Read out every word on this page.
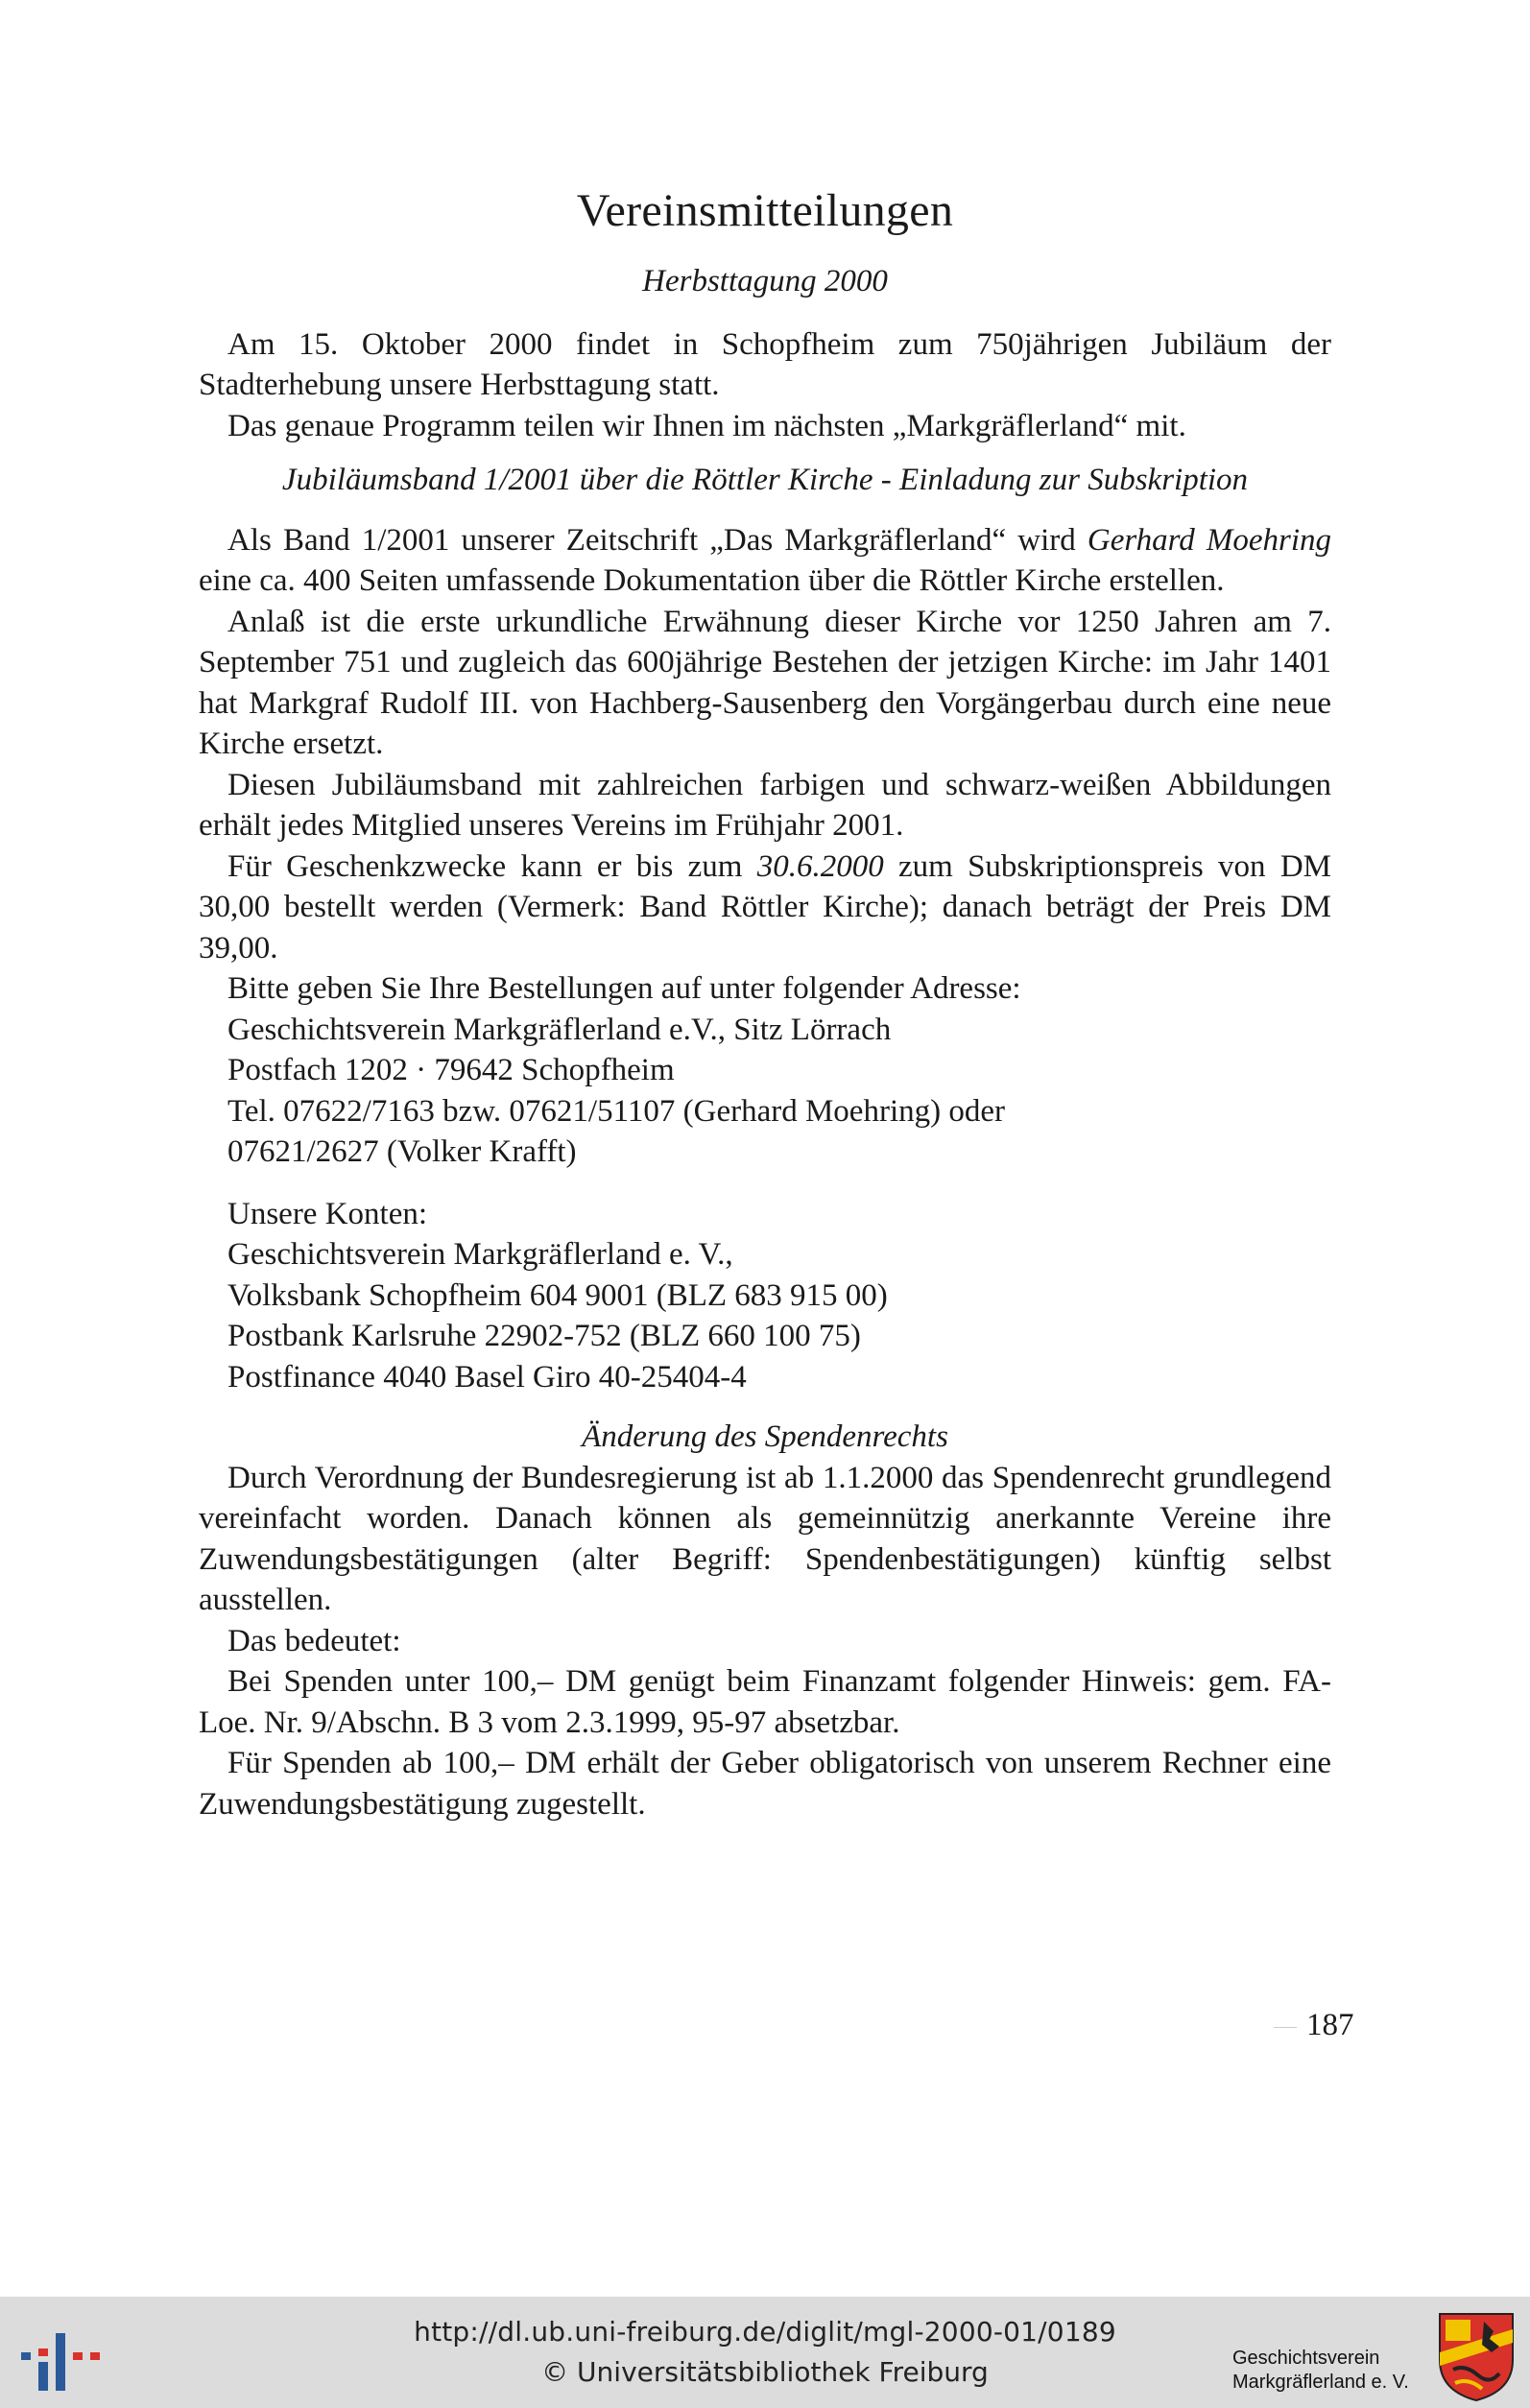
Vereinsmitteilungen
Herbsttagung 2000

Am 15. Oktober 2000 findet in Schopfheim zum 750jährigen Jubiläum der Stadterhebung unsere Herbsttagung statt.

Das genaue Programm teilen wir Ihnen im nächsten „Markgräflerland“ mit.

Jubiläumsband 1/2001 über die Röttler Kirche - Einladung zur Subskription

Als Band 1/2001 unserer Zeitschrift „Das Markgräflerland“ wird Gerhard Moehring eine ca. 400 Seiten umfassende Dokumentation über die Röttler Kirche erstellen.

Anlaß ist die erste urkundliche Erwähnung dieser Kirche vor 1250 Jahren am 7. September 751 und zugleich das 600jährige Bestehen der jetzigen Kirche: im Jahr 1401 hat Markgraf Rudolf III. von Hachberg-Sausenberg den Vorgängerbau durch eine neue Kirche ersetzt.

Diesen Jubiläumsband mit zahlreichen farbigen und schwarz-weißen Abbildungen erhält jedes Mitglied unseres Vereins im Frühjahr 2001.

Für Geschenkzwecke kann er bis zum 30.6.2000 zum Subskriptionspreis von DM 30,00 bestellt werden (Vermerk: Band Röttler Kirche); danach beträgt der Preis DM 39,00.

Bitte geben Sie Ihre Bestellungen auf unter folgender Adresse:
Geschichtsverein Markgräflerland e.V., Sitz Lörrach
Postfach 1202 · 79642 Schopfheim
Tel. 07622/7163 bzw. 07621/51107 (Gerhard Moehring) oder
07621/2627 (Volker Krafft)
Unsere Konten:
Geschichtsverein Markgräflerland e. V.,
Volksbank Schopfheim 604 9001 (BLZ 683 915 00)
Postbank Karlsruhe 22902-752 (BLZ 660 100 75)
Postfinance 4040 Basel Giro 40-25404-4
Änderung des Spendenrechts

Durch Verordnung der Bundesregierung ist ab 1.1.2000 das Spendenrecht grundlegend vereinfacht worden. Danach können als gemeinnützig anerkannte Vereine ihre Zuwendungsbestätigungen (alter Begriff: Spendenbestätigungen) künftig selbst ausstellen.

Das bedeutet:

Bei Spenden unter 100,– DM genügt beim Finanzamt folgender Hinweis: gem. FA-Loe. Nr. 9/Abschn. B 3 vom 2.3.1999, 95-97 absetzbar.

Für Spenden ab 100,– DM erhält der Geber obligatorisch von unserem Rechner eine Zuwendungsbestätigung zugestellt.

187
http://dl.ub.uni-freiburg.de/diglit/mgl-2000-01/0189
© Universitätsbibliothek Freiburg	Geschichtsverein
Markgräflerland e. V.
